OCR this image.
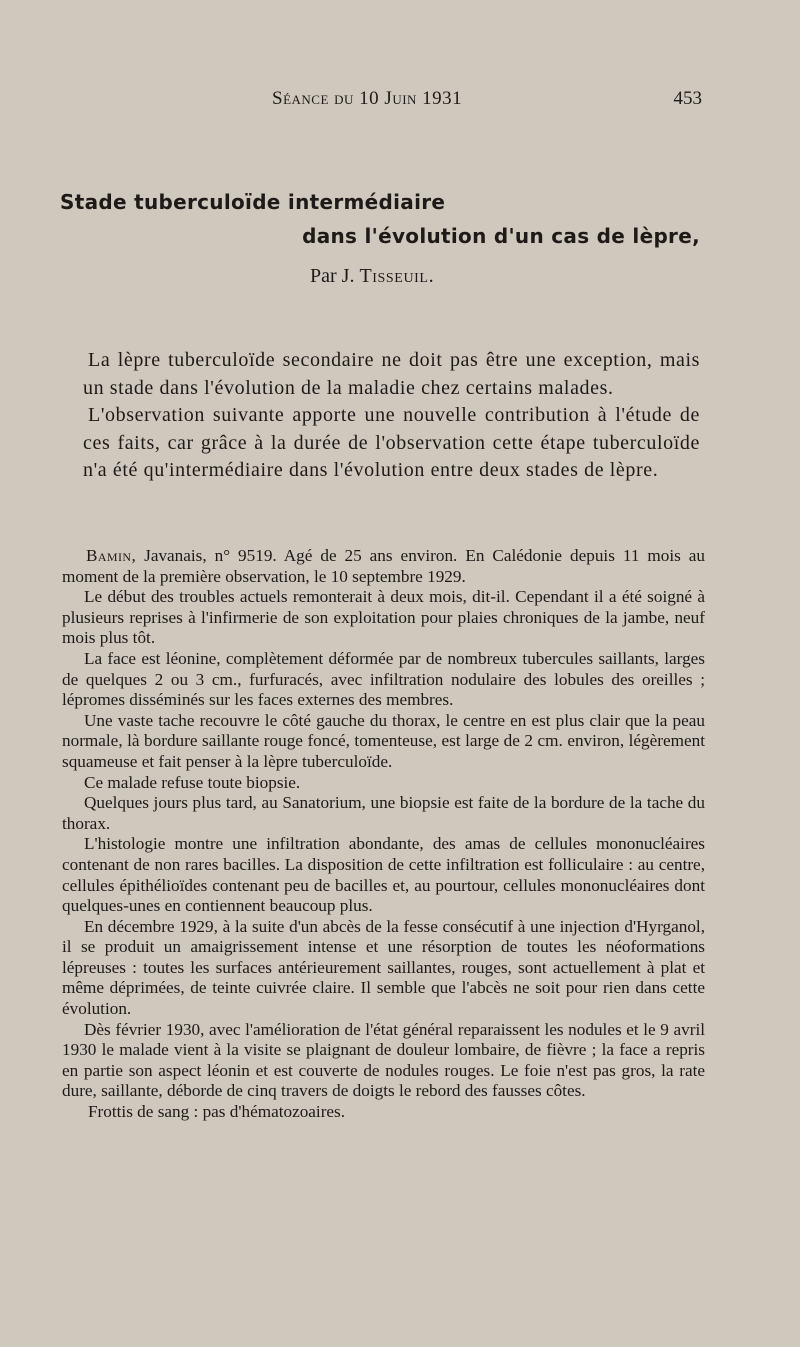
Séance du 10 Juin 1931	453
Stade tuberculoïde intermédiaire
dans l'évolution d'un cas de lèpre,
Par J. Tisseuil.

La lèpre tuberculoïde secondaire ne doit pas être une exception, mais un stade dans l'évolution de la maladie chez certains malades.

L'observation suivante apporte une nouvelle contribution à l'étude de ces faits, car grâce à la durée de l'observation cette étape tuberculoïde n'a été qu'intermédiaire dans l'évolution entre deux stades de lèpre.

Bamin, Javanais, n° 9519. Agé de 25 ans environ. En Calédonie depuis 11 mois au moment de la première observation, le 10 septembre 1929.

Le début des troubles actuels remonterait à deux mois, dit-il. Cependant il a été soigné à plusieurs reprises à l'infirmerie de son exploitation pour plaies chroniques de la jambe, neuf mois plus tôt.

La face est léonine, complètement déformée par de nombreux tubercules saillants, larges de quelques 2 ou 3 cm., furfuracés, avec infiltration nodulaire des lobules des oreilles ; lépromes disséminés sur les faces externes des membres.

Une vaste tache recouvre le côté gauche du thorax, le centre en est plus clair que la peau normale, là bordure saillante rouge foncé, tomenteuse, est large de 2 cm. environ, légèrement squameuse et fait penser à la lèpre tuberculoïde.

Ce malade refuse toute biopsie.

Quelques jours plus tard, au Sanatorium, une biopsie est faite de la bordure de la tache du thorax.

L'histologie montre une infiltration abondante, des amas de cellules mononucléaires contenant de non rares bacilles. La disposition de cette infiltration est folliculaire : au centre, cellules épithélioïdes contenant peu de bacilles et, au pourtour, cellules mononucléaires dont quelques-unes en contiennent beaucoup plus.

En décembre 1929, à la suite d'un abcès de la fesse consécutif à une injection d'Hyrganol, il se produit un amaigrissement intense et une résorption de toutes les néoformations lépreuses : toutes les surfaces antérieurement saillantes, rouges, sont actuellement à plat et même déprimées, de teinte cuivrée claire. Il semble que l'abcès ne soit pour rien dans cette évolution.

Dès février 1930, avec l'amélioration de l'état général reparaissent les nodules et le 9 avril 1930 le malade vient à la visite se plaignant de douleur lombaire, de fièvre ; la face a repris en partie son aspect léonin et est couverte de nodules rouges. Le foie n'est pas gros, la rate dure, saillante, déborde de cinq travers de doigts le rebord des fausses côtes.

Frottis de sang : pas d'hématozoaires.
